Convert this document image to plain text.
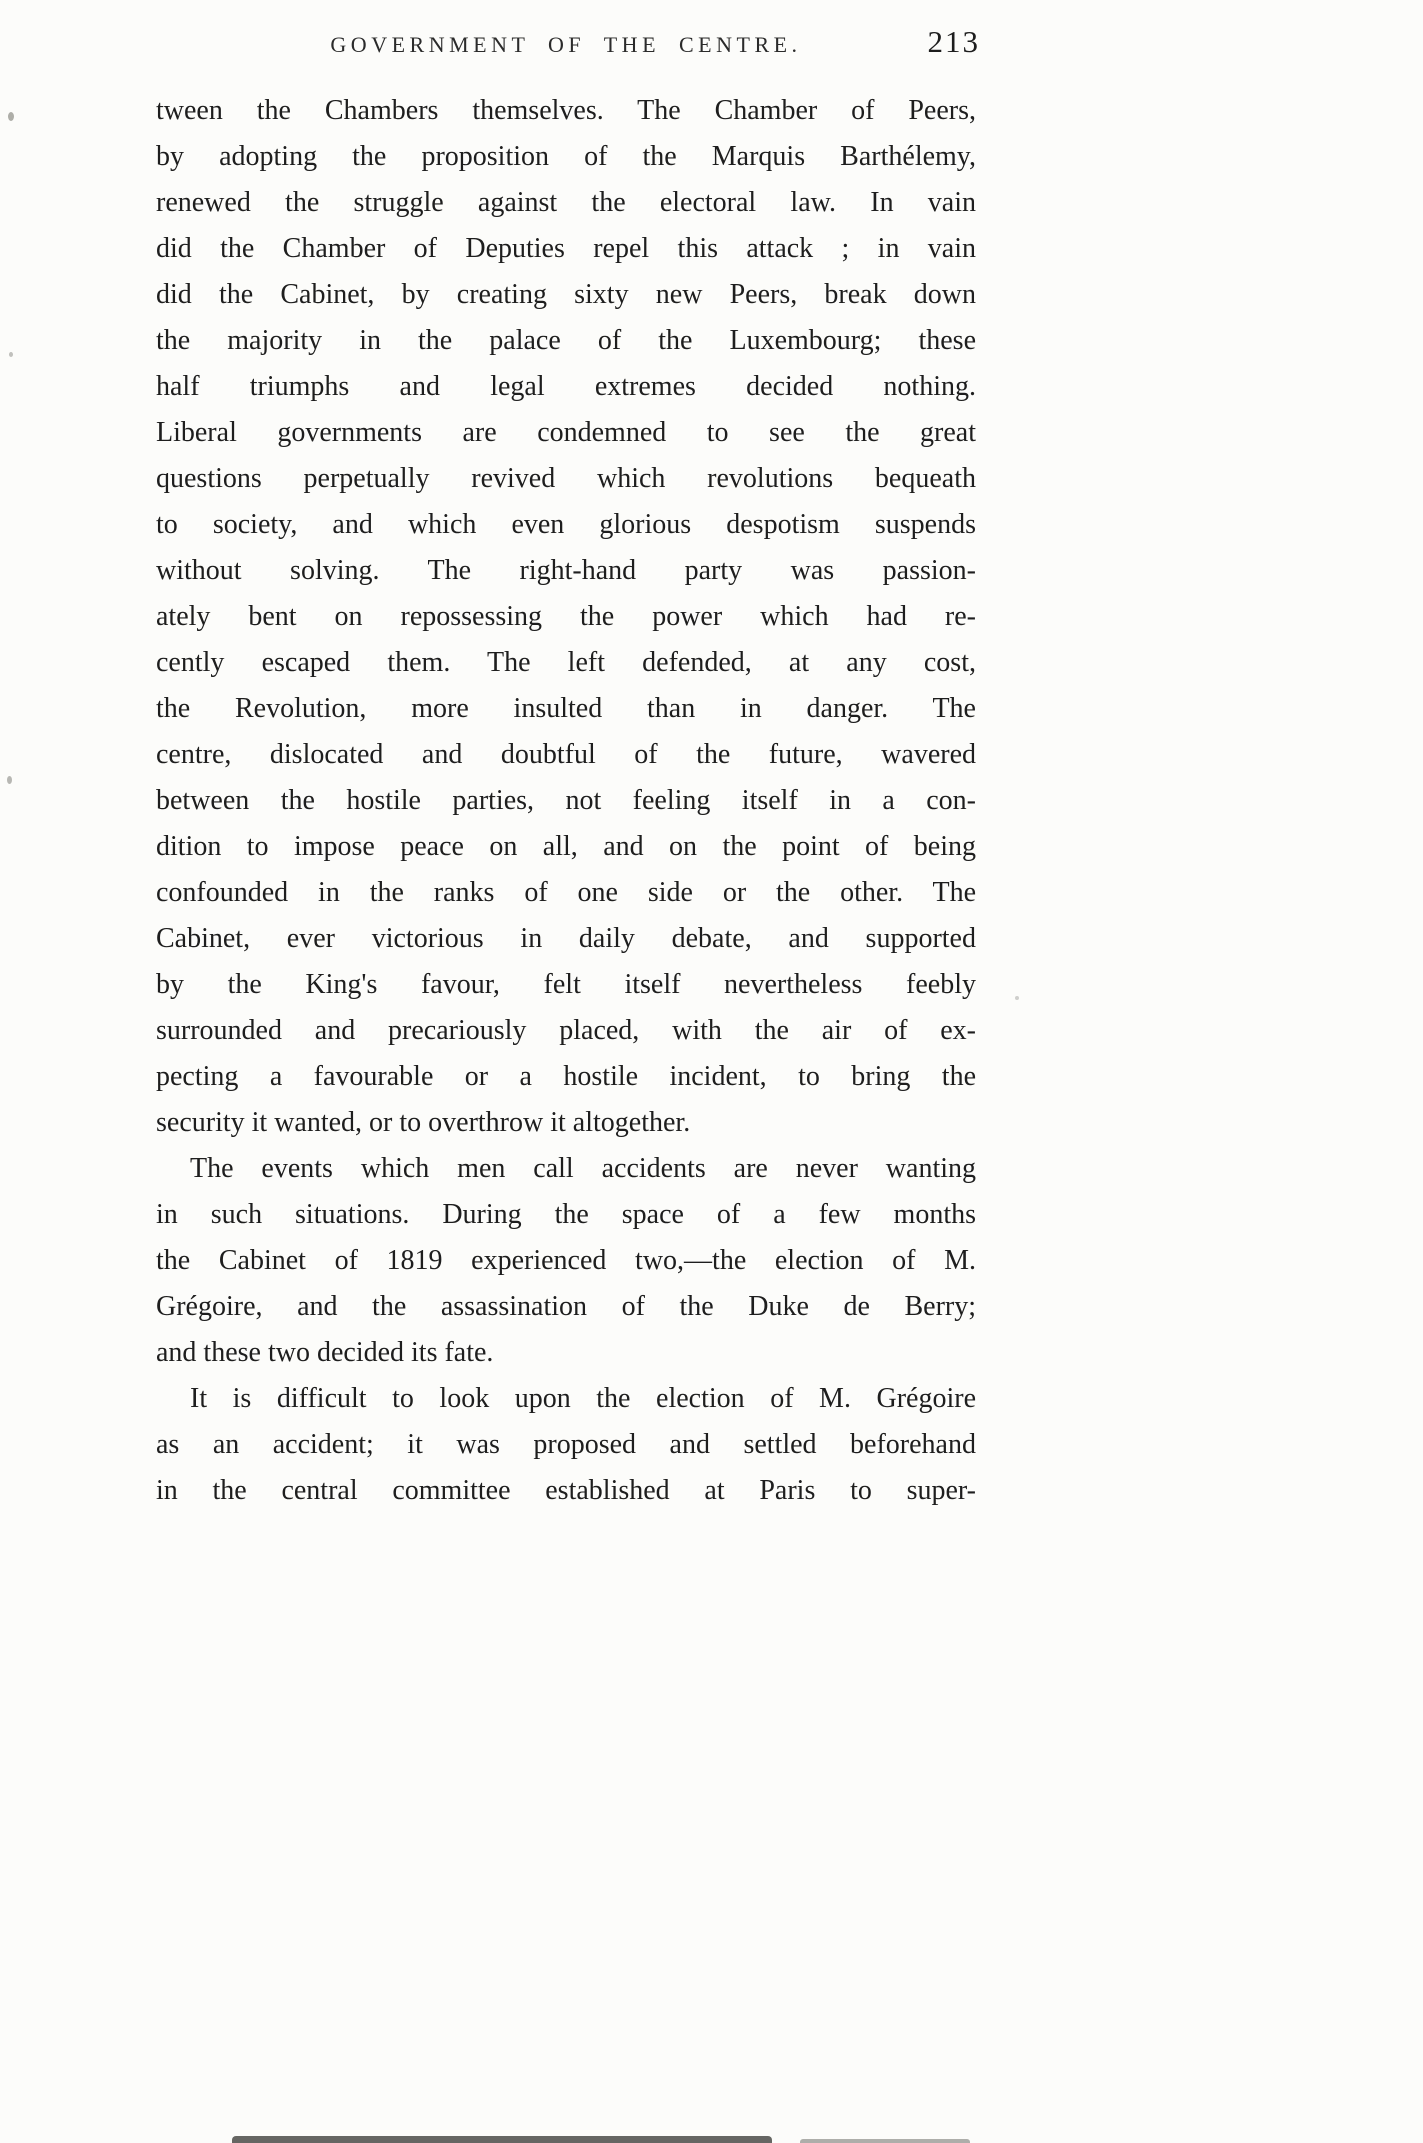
GOVERNMENT OF THE CENTRE.	213
tween the Chambers themselves. The Chamber of Peers,
by adopting the proposition of the Marquis Barthélemy,
renewed the struggle against the electoral law. In vain
did the Chamber of Deputies repel this attack ; in vain
did the Cabinet, by creating sixty new Peers, break down
the majority in the palace of the Luxembourg; these
half triumphs and legal extremes decided nothing.
Liberal governments are condemned to see the great
questions perpetually revived which revolutions bequeath
to society, and which even glorious despotism suspends
without solving. The right-hand party was passion-
ately bent on repossessing the power which had re-
cently escaped them. The left defended, at any cost,
the Revolution, more insulted than in danger. The
centre, dislocated and doubtful of the future, wavered
between the hostile parties, not feeling itself in a con-
dition to impose peace on all, and on the point of being
confounded in the ranks of one side or the other. The
Cabinet, ever victorious in daily debate, and supported
by the King's favour, felt itself nevertheless feebly
surrounded and precariously placed, with the air of ex-
pecting a favourable or a hostile incident, to bring the
security it wanted, or to overthrow it altogether.
The events which men call accidents are never wanting
in such situations. During the space of a few months
the Cabinet of 1819 experienced two,—the election of M.
Grégoire, and the assassination of the Duke de Berry;
and these two decided its fate.
It is difficult to look upon the election of M. Grégoire
as an accident; it was proposed and settled beforehand
in the central committee established at Paris to super-
